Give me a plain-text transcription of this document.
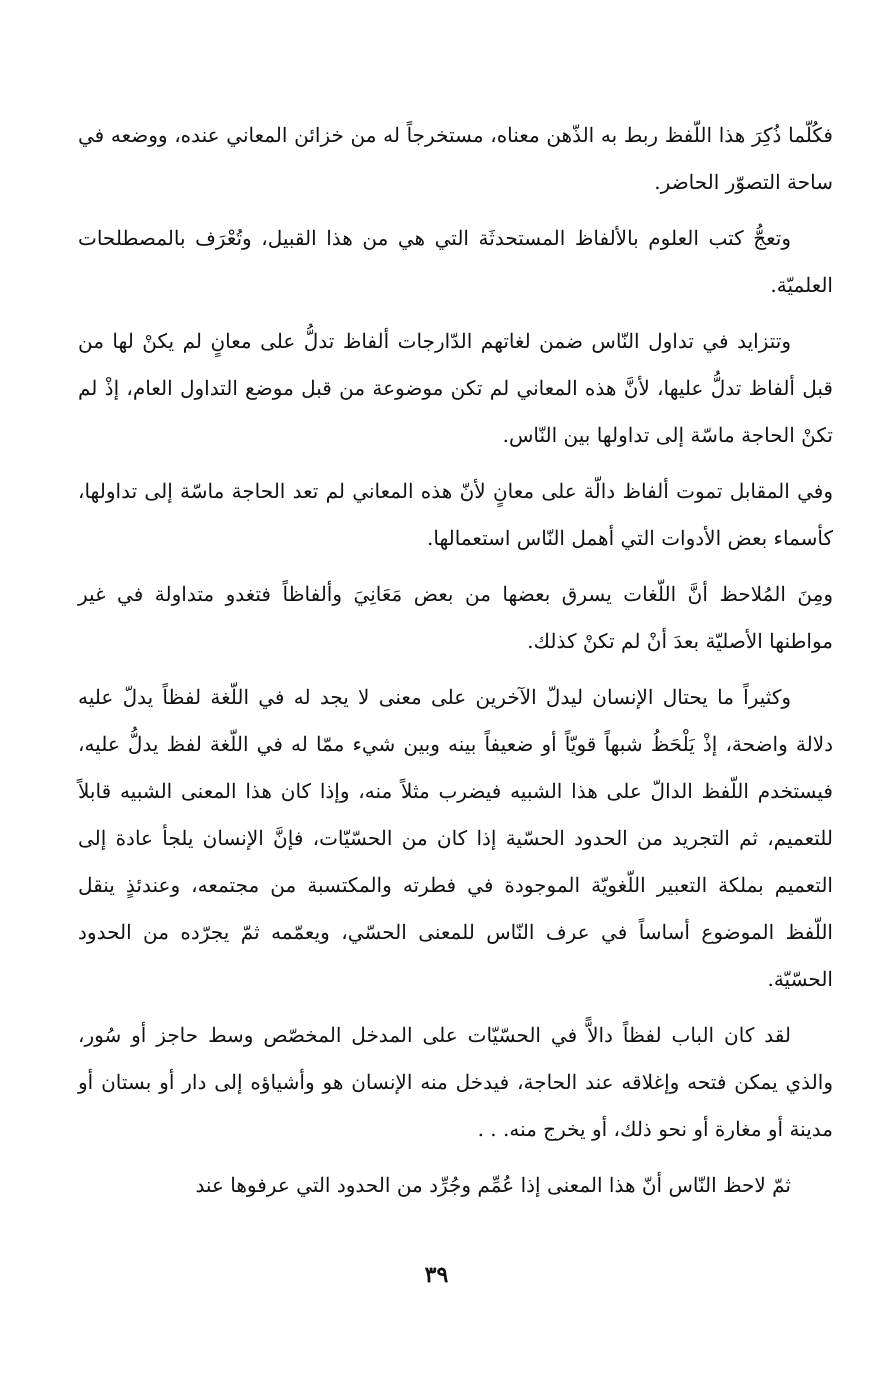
فكُلّما ذُكِرَ هذا اللّفظ ربط به الذّهن معناه، مستخرجاً له من خزائن المعاني عنده، ووضعه في ساحة التصوّر الحاضر.

وتعجُّ كتب العلوم بالألفاظ المستحدثَة التي هي من هذا القبيل، وتُعْرَف بالمصطلحات العلميّة.

وتتزايد في تداول النّاس ضمن لغاتهم الدّارجات ألفاظ تدلُّ على معانٍ لم يكنْ لها من قبل ألفاظ تدلُّ عليها، لأنَّ هذه المعاني لم تكن موضوعة من قبل موضع التداول العام، إذْ لم تكنْ الحاجة ماسّة إلى تداولها بين النّاس.

وفي المقابل تموت ألفاظ دالّة على معانٍ لأنّ هذه المعاني لم تعد الحاجة ماسّة إلى تداولها، كأسماء بعض الأدوات التي أهمل النّاس استعمالها.

ومِنَ المُلاحظ أنَّ اللّغات يسرق بعضها من بعض مَعَانِيَ وألفاظاً فتغدو متداولة في غير مواطنها الأصليّة بعدَ أنْ لم تكنْ كذلك.

وكثيراً ما يحتال الإنسان ليدلّ الآخرين على معنى لا يجد له في اللّغة لفظاً يدلّ عليه دلالة واضحة، إذْ يَلْحَظُ شبهاً قويّاً أو ضعيفاً بينه وبين شيء ممّا له في اللّغة لفظ يدلُّ عليه، فيستخدم اللّفظ الدالّ على هذا الشبيه فيضرب مثلاً منه، وإذا كان هذا المعنى الشبيه قابلاً للتعميم، ثم التجريد من الحدود الحسّية إذا كان من الحسّيّات، فإنَّ الإنسان يلجأ عادة إلى التعميم بملكة التعبير اللّغويّة الموجودة في فطرته والمكتسبة من مجتمعه، وعندئذٍ ينقل اللّفظ الموضوع أساساً في عرف النّاس للمعنى الحسّي، ويعمّمه ثمّ يجرّده من الحدود الحسّيّة.

لقد كان الباب لفظاً دالاًّ في الحسّيّات على المدخل المخصّص وسط حاجز أو سُور، والذي يمكن فتحه وإغلاقه عند الحاجة، فيدخل منه الإنسان هو وأشياؤه إلى دار أو بستان أو مدينة أو مغارة أو نحو ذلك، أو يخرج منه. . .

ثمّ لاحظ النّاس أنّ هذا المعنى إذا عُمِّم وجُرِّد من الحدود التي عرفوها عند

٣٩
